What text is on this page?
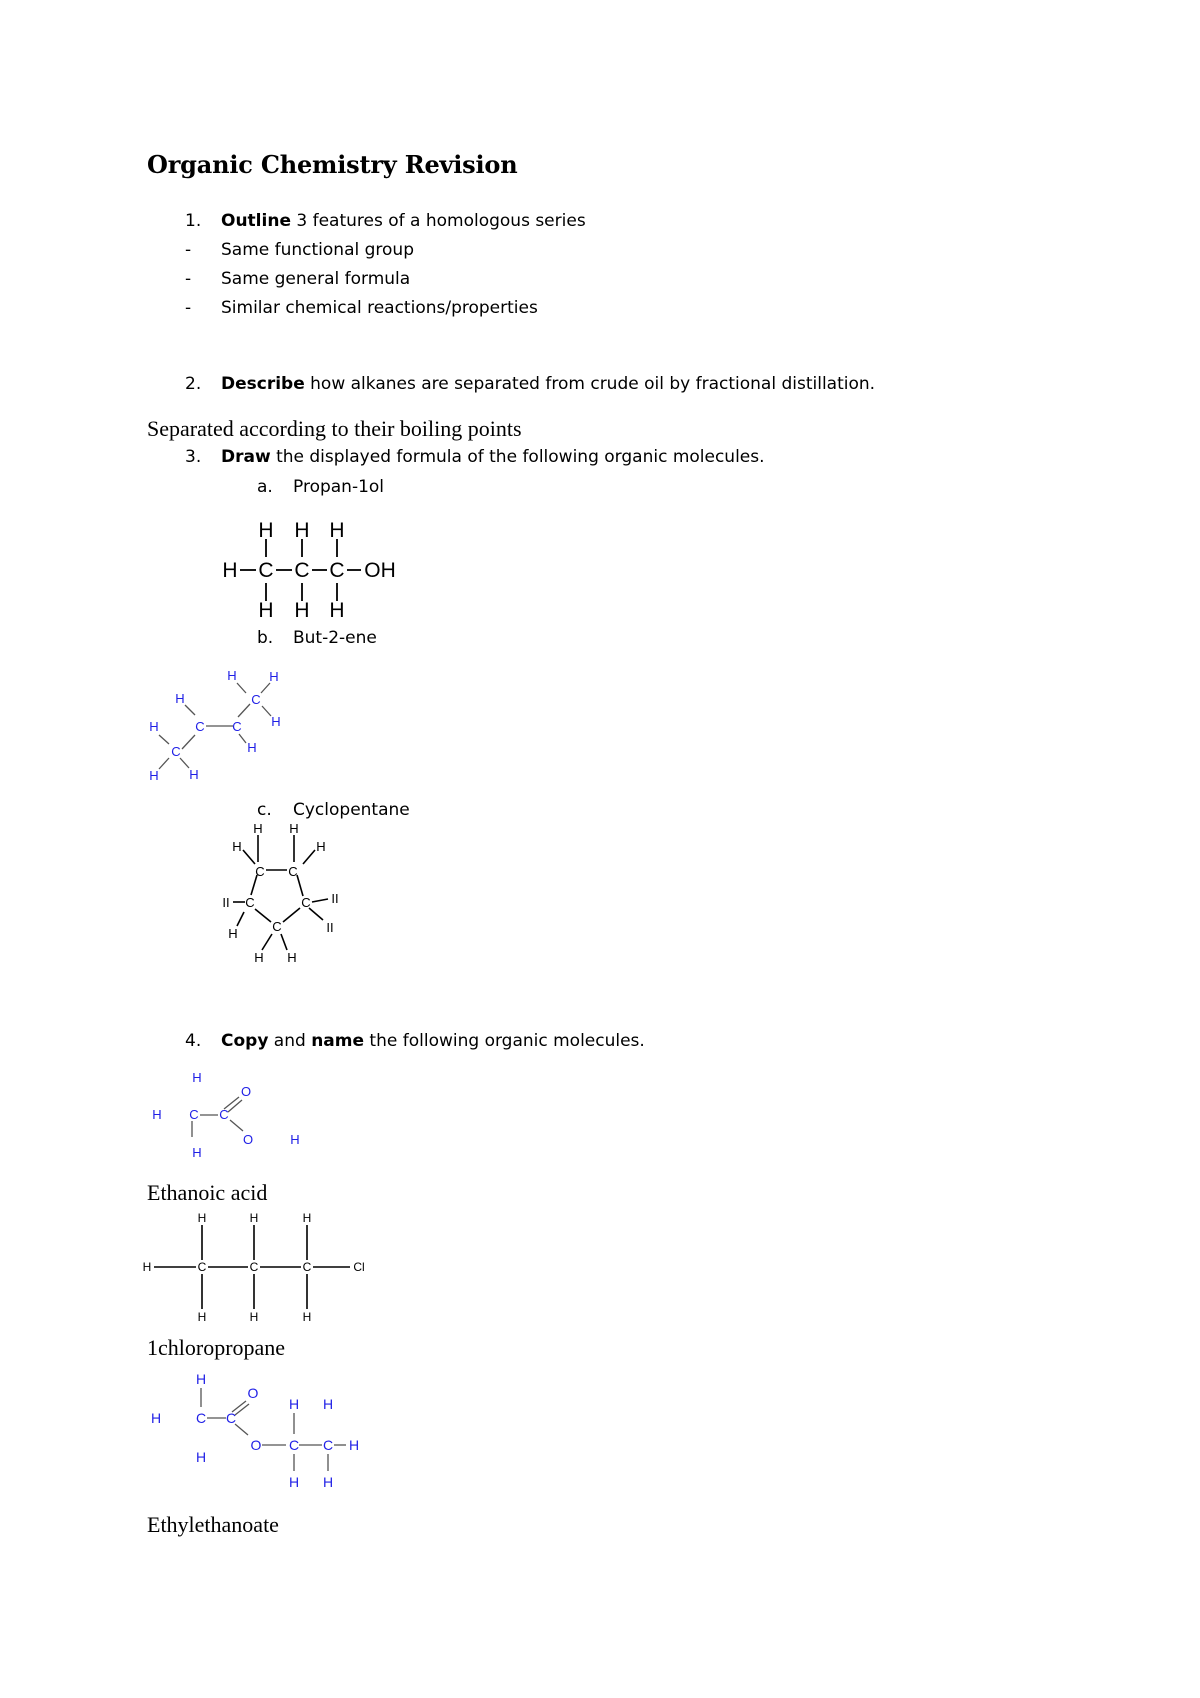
Organic Chemistry Revision
1. Outline 3 features of a homologous series
- Same functional group
- Same general formula
- Similar chemical reactions/properties
2. Describe how alkanes are separated from crude oil by fractional distillation.
Separated according to their boiling points
3. Draw the displayed formula of the following organic molecules.
a. Propan-1ol
H H H
H C C C OH
H H H
b. But-2-ene
H
C C
H	H
C
H
H
H
C
H H
c. Cyclopentane
H H
H	H
C C
C	C
C
II	II
II
H
H H
4. Copy and name the following organic molecules.
H
H C C
O
O
H
H
Ethanoic acid
H	H	H
H	C	C	C	Cl
H	H	H
1chloropropane
H
H C C
O
H
O C C H
H H
H H
Ethylethanoate
